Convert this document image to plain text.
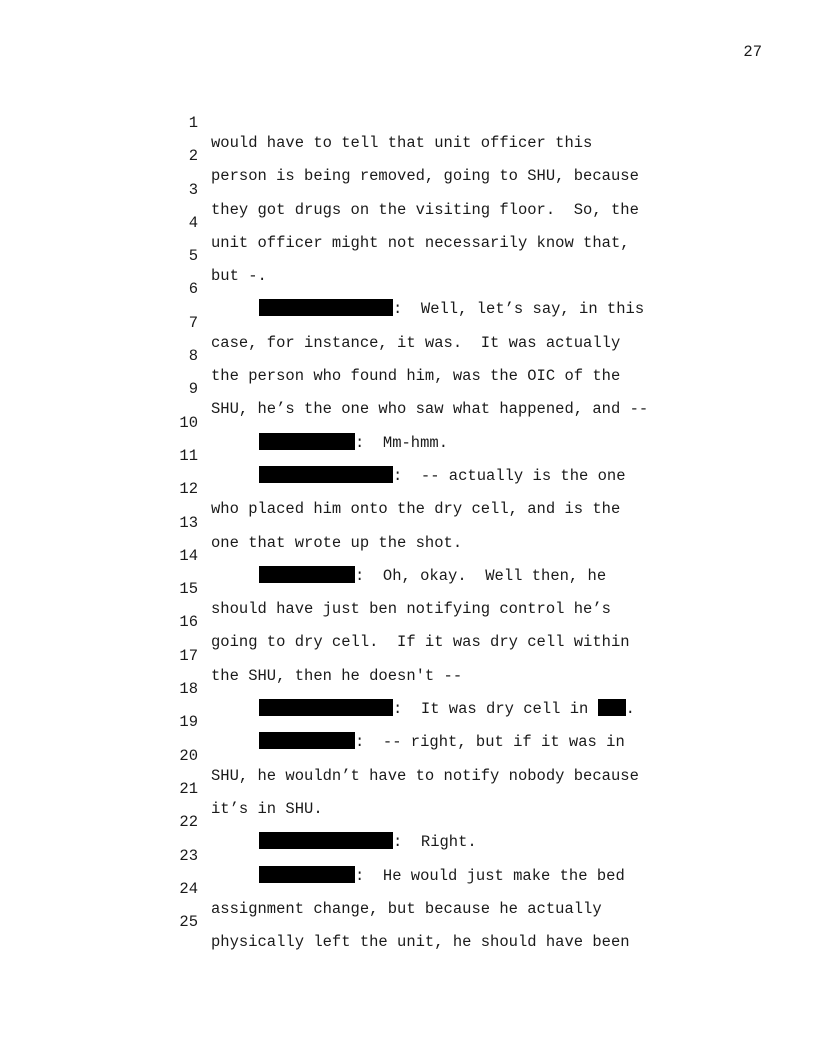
27

1

would have to tell that unit officer this

2

person is being removed, going to SHU, because

3

they got drugs on the visiting floor.  So, the

4

unit officer might not necessarily know that,

5

but -.

6

:  Well, let’s say, in this

7

case, for instance, it was.  It was actually

8

the person who found him, was the OIC of the

9

SHU, he’s the one who saw what happened, and --

10

:  Mm-hmm.

11

:  -- actually is the one

12

who placed him onto the dry cell, and is the

13

one that wrote up the shot.

14

:  Oh, okay.  Well then, he

15

should have just ben notifying control he’s

16

going to dry cell.  If it was dry cell within

17

the SHU, then he doesn't --

18

:  It was dry cell in .

19

:  -- right, but if it was in

20

SHU, he wouldn’t have to notify nobody because

21

it’s in SHU.

22

:  Right.

23

:  He would just make the bed

24

assignment change, but because he actually

25

physically left the unit, he should have been
